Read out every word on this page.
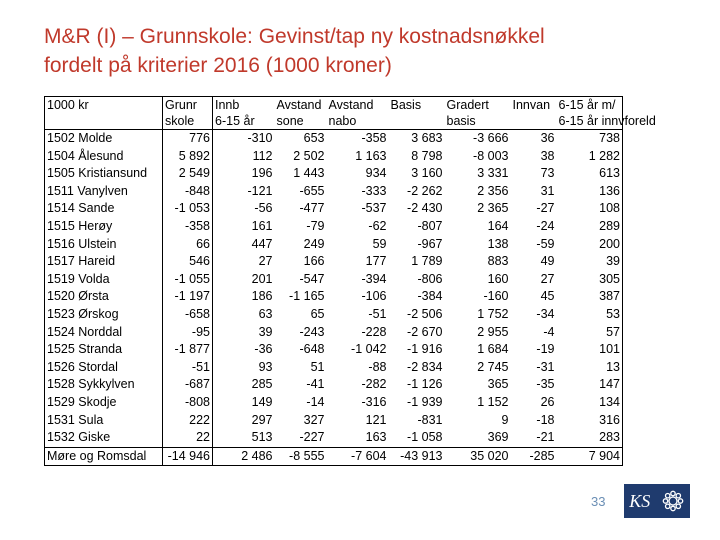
M&R (I) – Grunnskole: Gevinst/tap ny kostnadsnøkkel
fordelt på kriterier 2016 (1000 kroner)
1000 kr	Grunr	Innb	Avstand	Avstand	Basis	Gradert	Innvan	6-15 år m/
	skole	6-15 år	sone	nabo		basis		6-15 år innvforeld
1502 Molde	776	-310	653	-358	3 683	-3 666	36	738
1504 Ålesund	5 892	112	2 502	1 163	8 798	-8 003	38	1 282
1505 Kristiansund	2 549	196	1 443	934	3 160	3 331	73	613
1511 Vanylven	-848	-121	-655	-333	-2 262	2 356	31	136
1514 Sande	-1 053	-56	-477	-537	-2 430	2 365	-27	108
1515 Herøy	-358	161	-79	-62	-807	164	-24	289
1516 Ulstein	66	447	249	59	-967	138	-59	200
1517 Hareid	546	27	166	177	1 789	883	49	39
1519 Volda	-1 055	201	-547	-394	-806	160	27	305
1520 Ørsta	-1 197	186	-1 165	-106	-384	-160	45	387
1523 Ørskog	-658	63	65	-51	-2 506	1 752	-34	53
1524 Norddal	-95	39	-243	-228	-2 670	2 955	-4	57
1525 Stranda	-1 877	-36	-648	-1 042	-1 916	1 684	-19	101
1526 Stordal	-51	93	51	-88	-2 834	2 745	-31	13
1528 Sykkylven	-687	285	-41	-282	-1 126	365	-35	147
1529 Skodje	-808	149	-14	-316	-1 939	1 152	26	134
1531 Sula	222	297	327	121	-831	9	-18	316
1532 Giske	22	513	-227	163	-1 058	369	-21	283
Møre og Romsdal	-14 946	2 486	-8 555	-7 604	-43 913	35 020	-285	7 904
33 KS
